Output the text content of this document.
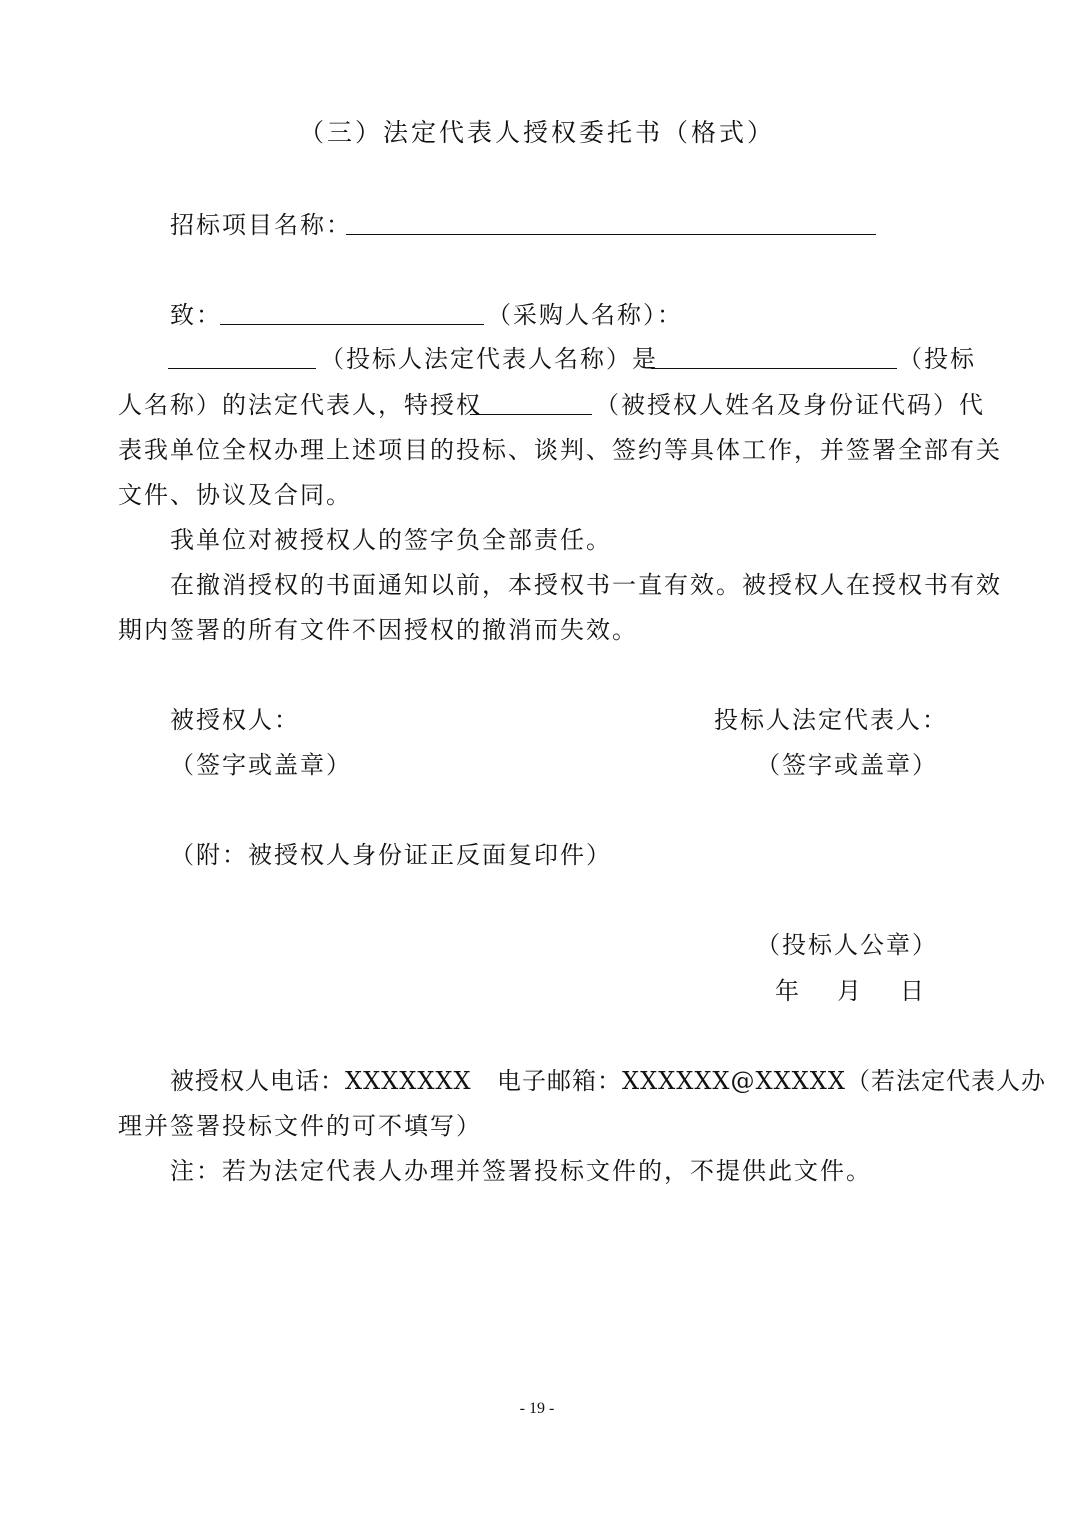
（三）法定代表人授权委托书（格式）
招标项目名称：
致：	（采购人名称）：
（投标人法定代表人名称）是	（投标
人名称）的法定代表人，特授权	（被授权人姓名及身份证代码）代
表我单位全权办理上述项目的投标、谈判、签约等具体工作，并签署全部有关
文件、协议及合同。
我单位对被授权人的签字负全部责任。
在撤消授权的书面通知以前，本授权书一直有效。被授权人在授权书有效
期内签署的所有文件不因授权的撤消而失效。
被授权人：	投标人法定代表人：
（签字或盖章）	（签字或盖章）
（附：被授权人身份证正反面复印件）
（投标人公章）
年 月 日
被授权人电话：XXXXXXX 电子邮箱：XXXXXX@XXXXX（若法定代表人办
理并签署投标文件的可不填写）
注：若为法定代表人办理并签署投标文件的，不提供此文件。
- 19 -
